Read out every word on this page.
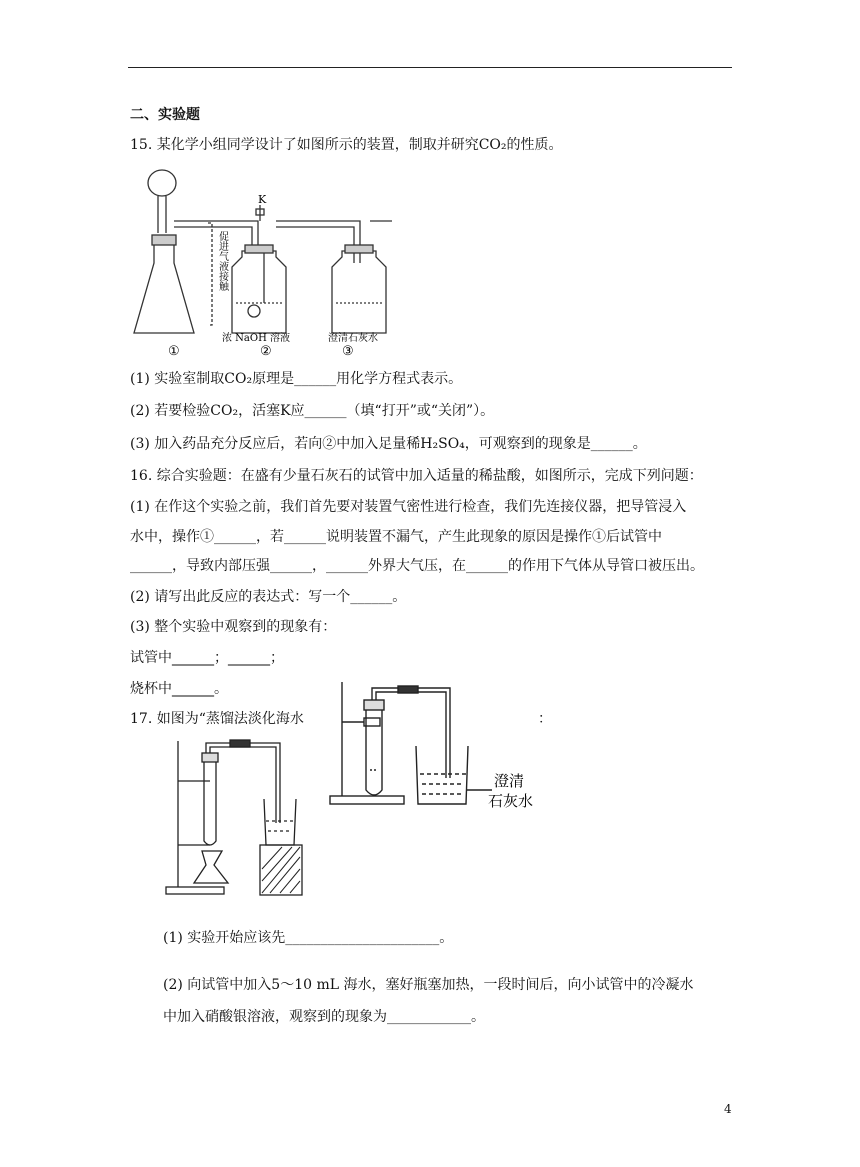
二、实验题
15. 某化学小组同学设计了如图所示的装置，制取并研究CO₂的性质。
K
促进气液接触
浓 NaOH 溶液	澄清石灰水
①	②	③
(1) 实验室制取CO₂原理是______用化学方程式表示。
(2) 若要检验CO₂，活塞K应______（填“打开”或“关闭”）。
(3) 加入药品充分反应后，若向②中加入足量稀H₂SO₄，可观察到的现象是______。
16. 综合实验题：在盛有少量石灰石的试管中加入适量的稀盐酸，如图所示，完成下列问题：
(1) 在作这个实验之前，我们首先要对装置气密性进行检查，我们先连接仪器，把导管浸入
水中，操作①______，若______说明装置不漏气，产生此现象的原因是操作①后试管中
______，导致内部压强______，______外界大气压，在______的作用下气体从导管口被压出。
(2) 请写出此反应的表达式：写一个______。
(3) 整个实验中观察到的现象有：
试管中______；______；
烧杯中______。
17. 如图为“蒸馏法淡化海水	：
澄清
石灰水
(1) 实验开始应该先______________________。
(2) 向试管中加入5～10 mL 海水，塞好瓶塞加热，一段时间后，向小试管中的冷凝水
中加入硝酸银溶液，观察到的现象为____________。
4
